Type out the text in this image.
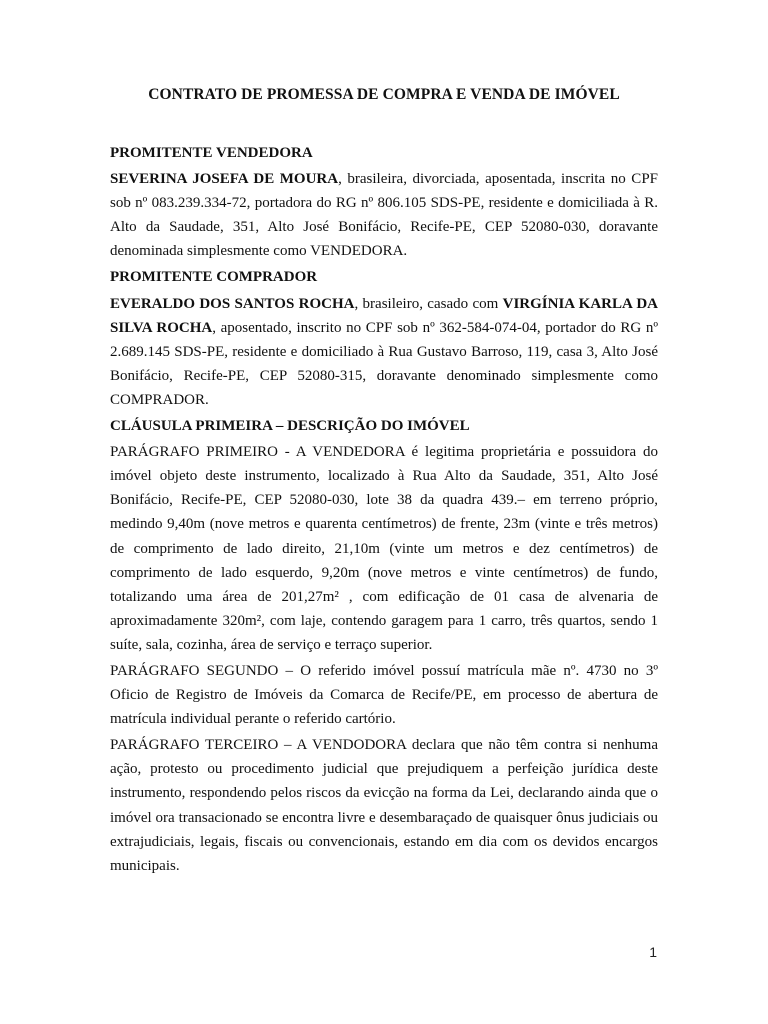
CONTRATO DE PROMESSA DE COMPRA E VENDA DE IMÓVEL
PROMITENTE VENDEDORA
SEVERINA JOSEFA DE MOURA, brasileira, divorciada, aposentada, inscrita no CPF sob nº 083.239.334-72, portadora do RG nº 806.105 SDS-PE, residente e domiciliada à R. Alto da Saudade, 351, Alto José Bonifácio, Recife-PE, CEP 52080-030, doravante denominada simplesmente como VENDEDORA.
PROMITENTE COMPRADOR
EVERALDO DOS SANTOS ROCHA, brasileiro, casado com VIRGÍNIA KARLA DA SILVA ROCHA, aposentado, inscrito no CPF sob nº 362-584-074-04, portador do RG nº 2.689.145 SDS-PE, residente e domiciliado à Rua Gustavo Barroso, 119, casa 3, Alto José Bonifácio, Recife-PE, CEP 52080-315, doravante denominado simplesmente como COMPRADOR.
CLÁUSULA PRIMEIRA – DESCRIÇÃO DO IMÓVEL
PARÁGRAFO PRIMEIRO - A VENDEDORA é legitima proprietária e possuidora do imóvel objeto deste instrumento, localizado à Rua Alto da Saudade, 351, Alto José Bonifácio, Recife-PE, CEP 52080-030, lote 38 da quadra 439.– em terreno próprio, medindo 9,40m (nove metros e quarenta centímetros) de frente, 23m (vinte e três metros) de comprimento de lado direito, 21,10m (vinte um metros e dez centímetros) de comprimento de lado esquerdo, 9,20m (nove metros e vinte centímetros) de fundo, totalizando uma área de 201,27m² , com edificação de 01 casa de alvenaria de aproximadamente 320m², com laje, contendo garagem para 1 carro, três quartos, sendo 1 suíte, sala, cozinha, área de serviço e terraço superior.
PARÁGRAFO SEGUNDO – O referido imóvel possuí matrícula mãe nº. 4730 no 3º Oficio de Registro de Imóveis da Comarca de Recife/PE, em processo de abertura de matrícula individual perante o referido cartório.
PARÁGRAFO TERCEIRO – A VENDODORA declara que não têm contra si nenhuma ação, protesto ou procedimento judicial que prejudiquem a perfeição jurídica deste instrumento, respondendo pelos riscos da evicção na forma da Lei, declarando ainda que o imóvel ora transacionado se encontra livre e desembaraçado de quaisquer ônus judiciais ou extrajudiciais, legais, fiscais ou convencionais, estando em dia com os devidos encargos municipais.
1
